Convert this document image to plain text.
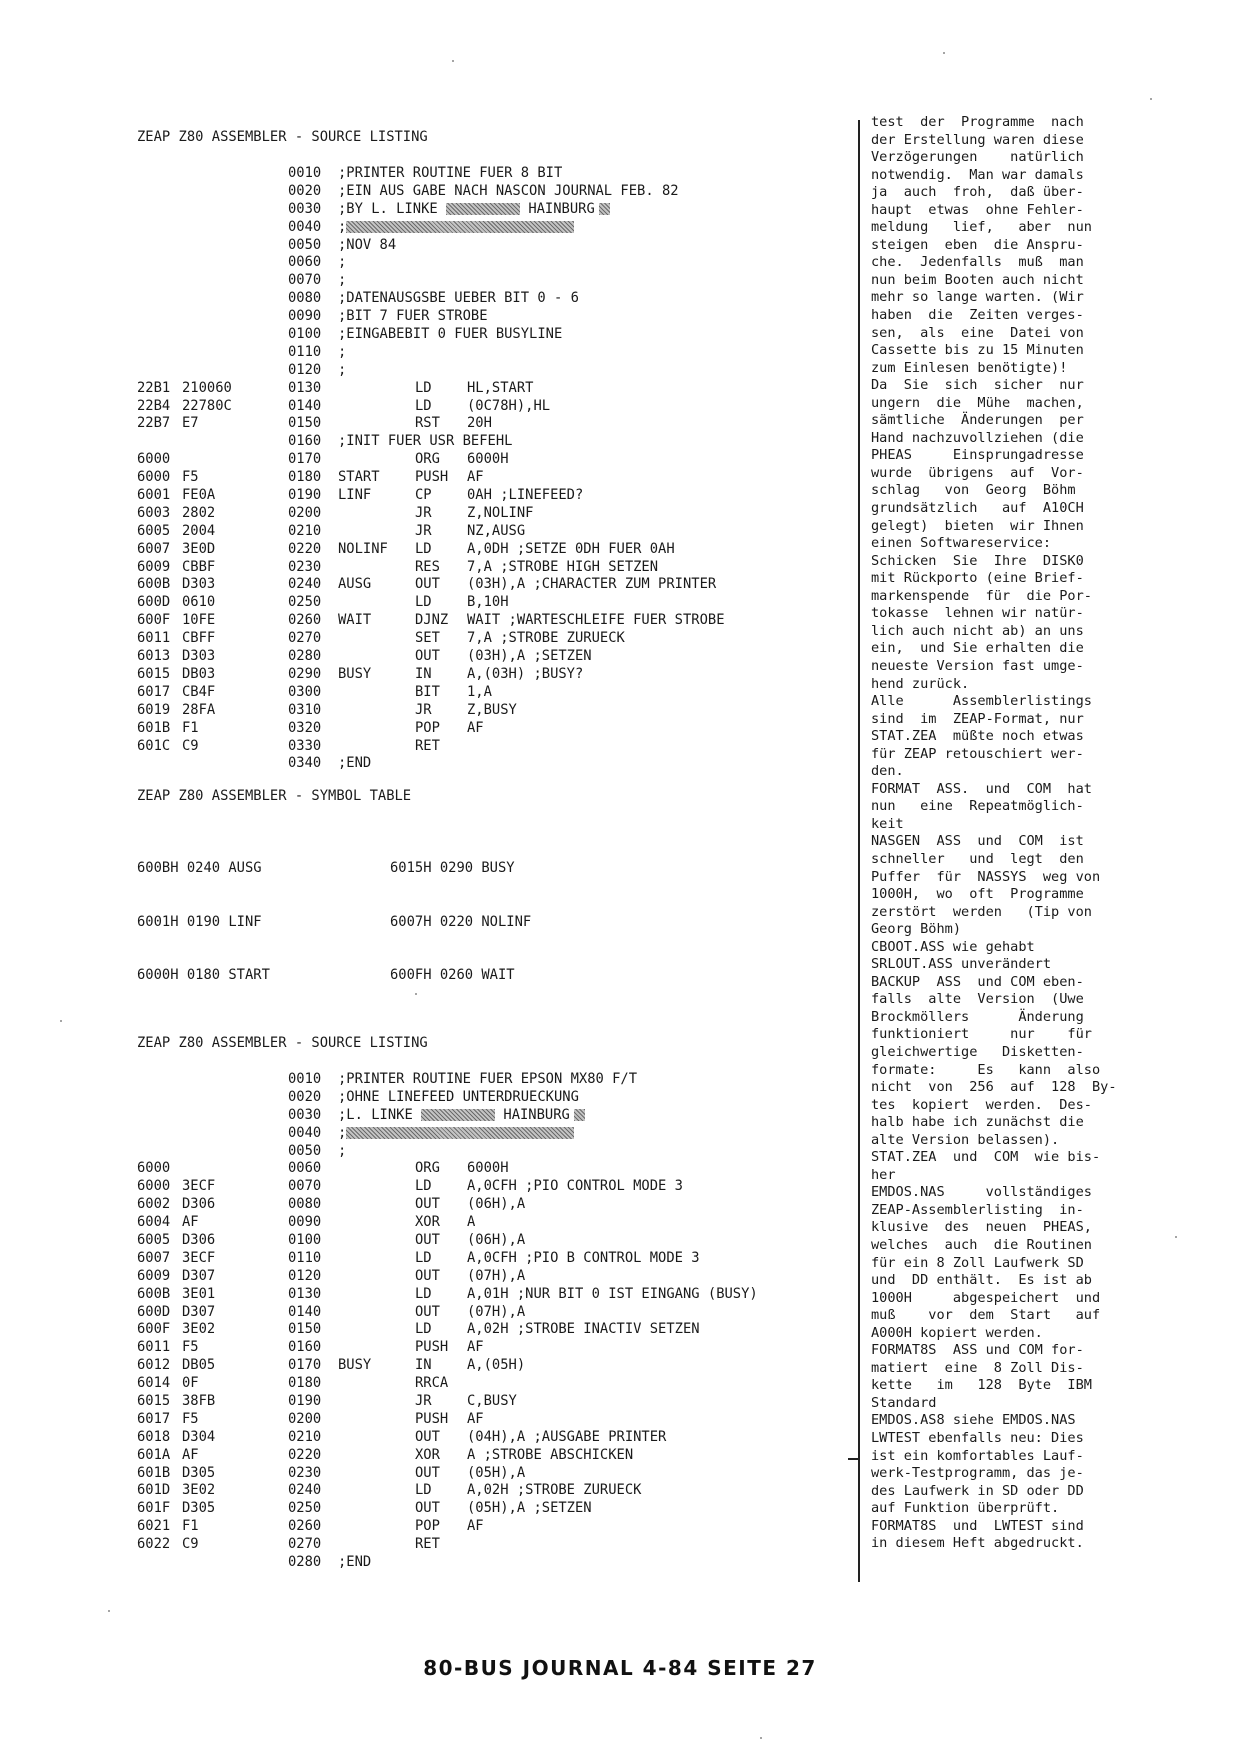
ZEAP Z80 ASSEMBLER - SOURCE LISTING
0010 ;PRINTER ROUTINE FUER 8 BIT
0020 ;EIN AUS GABE NACH NASCON JOURNAL FEB. 82
0030 ;BY L. LINKE	HAINBURG
0040 ;
0050 ;NOV 84
0060 ;
0070 ;
0080 ;DATENAUSGSBE UEBER BIT 0 - 6
0090 ;BIT 7 FUER STROBE
0100 ;EINGABEBIT 0 FUER BUSYLINE
0110 ;
0120 ;
22B1 210060	0130	LD	HL,START
22B4 22780C	0140	LD	(0C78H),HL
22B7 E7	0150	RST 20H
0160 ;INIT FUER USR BEFEHL
6000	0170	ORG 6000H
6000 F5	0180 START	PUSH AF
6001 FE0A	0190 LINF	CP	0AH ;LINEFEED?
6003 2802	0200	JR	Z,NOLINF
6005 2004	0210	JR	NZ,AUSG
6007 3E0D	0220 NOLINF LD	A,0DH ;SETZE 0DH FUER 0AH
6009 CBBF	0230	RES 7,A ;STROBE HIGH SETZEN
600B D303	0240 AUSG	OUT (03H),A ;CHARACTER ZUM PRINTER
600D 0610	0250	LD	B,10H
600F 10FE	0260 WAIT	DJNZ WAIT ;WARTESCHLEIFE FUER STROBE
6011 CBFF	0270	SET 7,A ;STROBE ZURUECK
6013 D303	0280	OUT (03H),A ;SETZEN
6015 DB03	0290 BUSY	IN	A,(03H) ;BUSY?
6017 CB4F	0300	BIT 1,A
6019 28FA	0310	JR	Z,BUSY
601B F1	0320	POP AF
601C C9	0330	RET
0340 ;END
ZEAP Z80 ASSEMBLER - SYMBOL TABLE

600BH 0240 AUSG	6015H 0290 BUSY

6001H 0190 LINF	6007H 0220 NOLINF

6000H 0180 START	600FH 0260 WAIT

ZEAP Z80 ASSEMBLER - SOURCE LISTING
0010 ;PRINTER ROUTINE FUER EPSON MX80 F/T
0020 ;OHNE LINEFEED UNTERDRUECKUNG
0030 ;L. LINKE	HAINBURG
0040 ;
0050 ;
6000	0060	ORG 6000H
6000 3ECF	0070	LD	A,0CFH ;PIO CONTROL MODE 3
6002 D306	0080	OUT (06H),A
6004 AF	0090	XOR A
6005 D306	0100	OUT (06H),A
6007 3ECF	0110	LD	A,0CFH ;PIO B CONTROL MODE 3
6009 D307	0120	OUT (07H),A
600B 3E01	0130	LD	A,01H ;NUR BIT 0 IST EINGANG (BUSY)
600D D307	0140	OUT (07H),A
600F 3E02	0150	LD	A,02H ;STROBE INACTIV SETZEN
6011 F5	0160	PUSH AF
6012 DB05	0170 BUSY	IN	A,(05H)
6014 0F	0180	RRCA
6015 38FB	0190	JR	C,BUSY
6017 F5	0200	PUSH AF
6018 D304	0210	OUT (04H),A ;AUSGABE PRINTER
601A AF	0220	XOR A ;STROBE ABSCHICKEN
601B D305	0230	OUT (05H),A
601D 3E02	0240	LD	A,02H ;STROBE ZURUECK
601F D305	0250	OUT (05H),A ;SETZEN
6021 F1	0260	POP AF
6022 C9	0270	RET
0280 ;END
test  der  Programme  nach
der Erstellung waren diese
Verzögerungen    natürlich
notwendig.  Man war damals
ja  auch  froh,  daß über-
haupt  etwas  ohne Fehler-
meldung   lief,   aber  nun
steigen  eben  die Anspru-
che.  Jedenfalls  muß  man
nun beim Booten auch nicht
mehr so lange warten. (Wir
haben  die  Zeiten verges-
sen,  als  eine  Datei von
Cassette bis zu 15 Minuten
zum Einlesen benötigte)!
Da  Sie  sich  sicher  nur
ungern  die  Mühe  machen,
sämtliche  Änderungen  per
Hand nachzuvollziehen (die
PHEAS     Einsprungadresse
wurde  übrigens  auf  Vor-
schlag   von  Georg  Böhm
grundsätzlich   auf  A10CH
gelegt)  bieten  wir Ihnen
einen Softwareservice:
Schicken  Sie  Ihre  DISK0
mit Rückporto (eine Brief-
markenspende  für  die Por-
tokasse  lehnen wir natür-
lich auch nicht ab) an uns
ein,  und Sie erhalten die
neueste Version fast umge-
hend zurück.
Alle      Assemblerlistings
sind  im  ZEAP-Format, nur
STAT.ZEA  müßte noch etwas
für ZEAP retouschiert wer-
den.
FORMAT  ASS.  und  COM  hat
nun   eine  Repeatmöglich-
keit
NASGEN  ASS  und  COM  ist
schneller   und  legt  den
Puffer  für  NASSYS  weg von
1000H,  wo  oft  Programme
zerstört  werden   (Tip von
Georg Böhm)
CBOOT.ASS wie gehabt
SRLOUT.ASS unverändert
BACKUP  ASS  und COM eben-
falls  alte  Version  (Uwe
Brockmöllers      Änderung
funktioniert     nur    für
gleichwertige   Disketten-
formate:     Es   kann  also
nicht  von  256  auf  128  By-
tes  kopiert  werden.  Des-
halb habe ich zunächst die
alte Version belassen).
STAT.ZEA  und  COM  wie bis-
her
EMDOS.NAS     vollständiges
ZEAP-Assemblerlisting  in-
klusive  des  neuen  PHEAS,
welches  auch  die Routinen
für ein 8 Zoll Laufwerk SD
und  DD enthält.  Es ist ab
1000H     abgespeichert  und
muß    vor  dem  Start   auf
A000H kopiert werden.
FORMAT8S  ASS und COM for-
matiert  eine  8 Zoll Dis-
kette   im   128  Byte  IBM
Standard
EMDOS.AS8 siehe EMDOS.NAS
LWTEST ebenfalls neu: Dies
ist ein komfortables Lauf-
werk-Testprogramm, das je-
des Laufwerk in SD oder DD
auf Funktion überprüft.
FORMAT8S  und  LWTEST sind
in diesem Heft abgedruckt.
80-BUS JOURNAL 4-84 SEITE 27
